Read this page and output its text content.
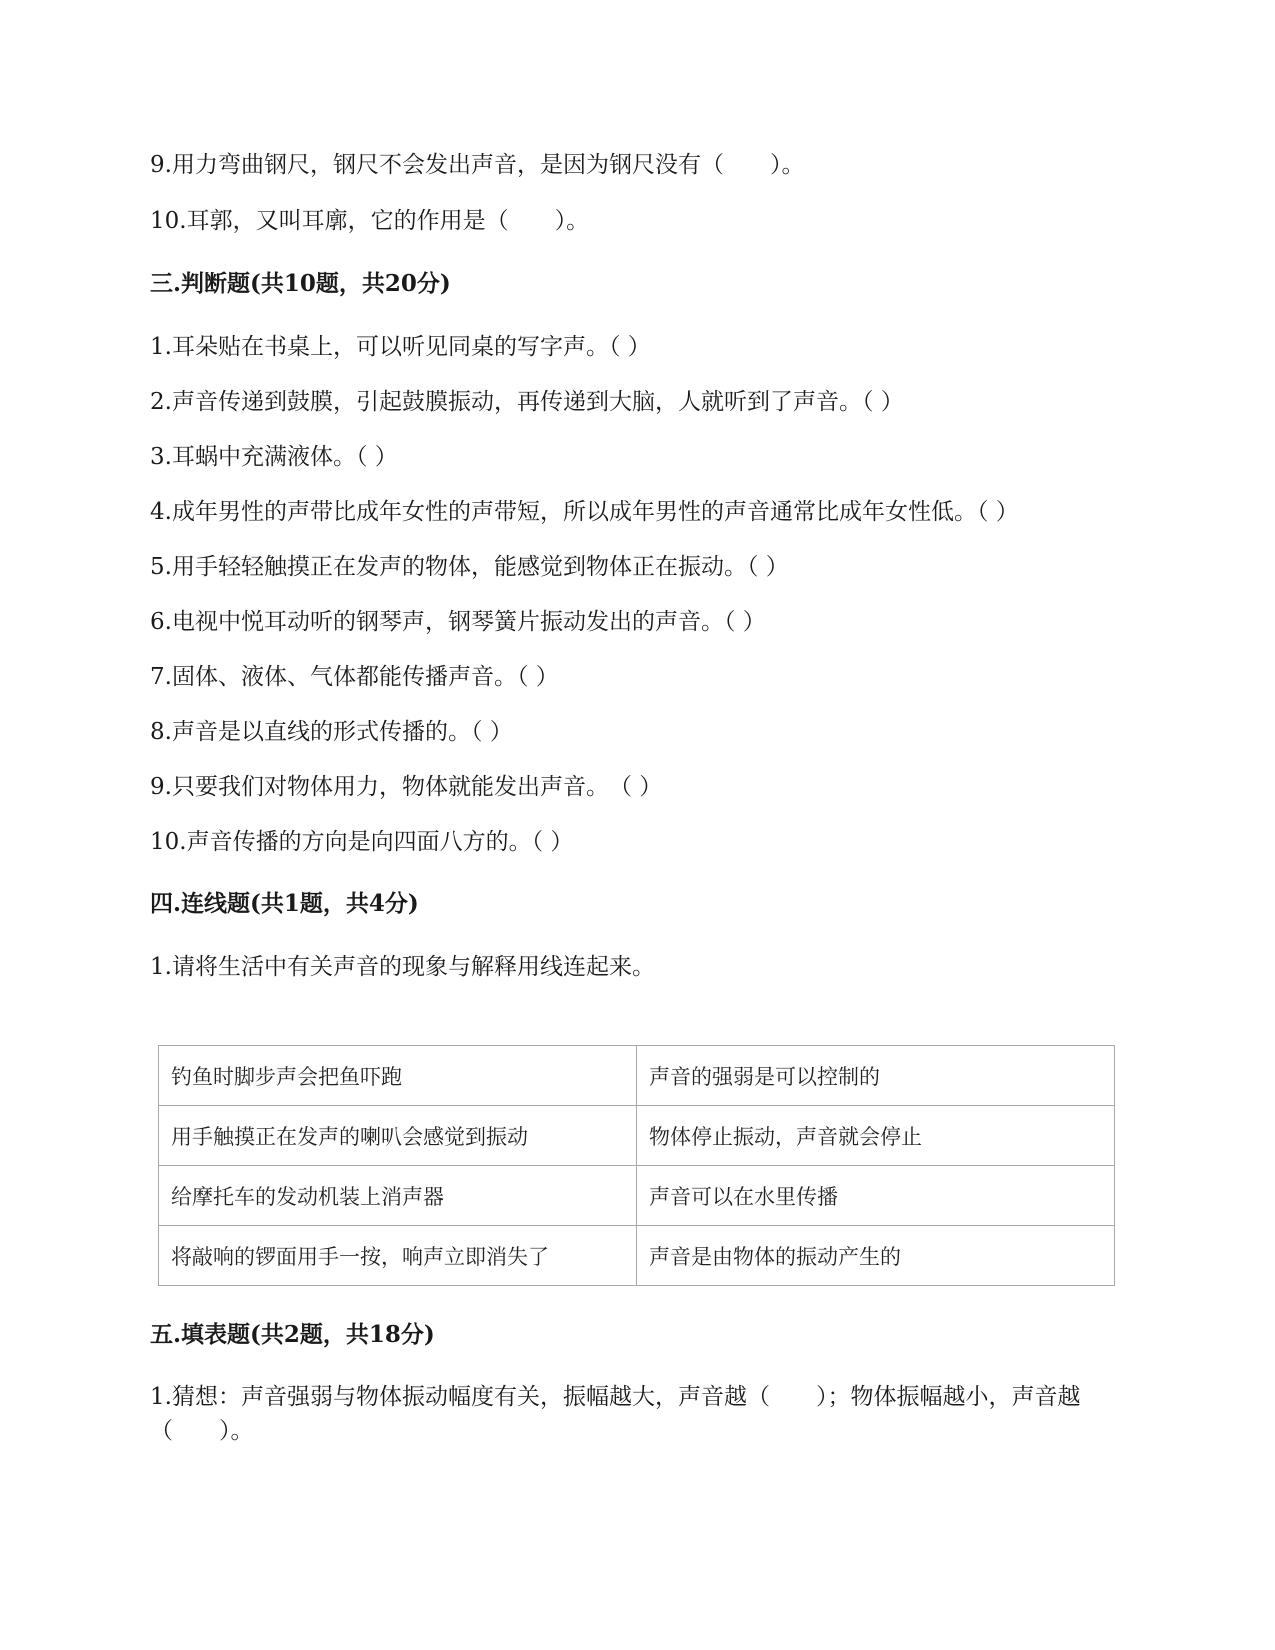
9.用力弯曲钢尺，钢尺不会发出声音，是因为钢尺没有（　　）。
10.耳郭，又叫耳廓，它的作用是（　　）。
三.判断题(共10题，共20分)
1.耳朵贴在书桌上，可以听见同桌的写字声。（ ）
2.声音传递到鼓膜，引起鼓膜振动，再传递到大脑，人就听到了声音。（ ）
3.耳蜗中充满液体。（ ）
4.成年男性的声带比成年女性的声带短，所以成年男性的声音通常比成年女性低。（ ）
5.用手轻轻触摸正在发声的物体，能感觉到物体正在振动。（ ）
6.电视中悦耳动听的钢琴声，钢琴簧片振动发出的声音。（ ）
7.固体、液体、气体都能传播声音。（ ）
8.声音是以直线的形式传播的。（ ）
9.只要我们对物体用力，物体就能发出声音。　（ ）
10.声音传播的方向是向四面八方的。（ ）
四.连线题(共1题，共4分)
1.请将生活中有关声音的现象与解释用线连起来。
钓鱼时脚步声会把鱼吓跑	声音的强弱是可以控制的
用手触摸正在发声的喇叭会感觉到振动	物体停止振动，声音就会停止
给摩托车的发动机装上消声器	声音可以在水里传播
将敲响的锣面用手一按，响声立即消失了	声音是由物体的振动产生的
五.填表题(共2题，共18分)
1.猜想：声音强弱与物体振动幅度有关，振幅越大，声音越（　　）；物体振幅越小，声音越（　　）。
